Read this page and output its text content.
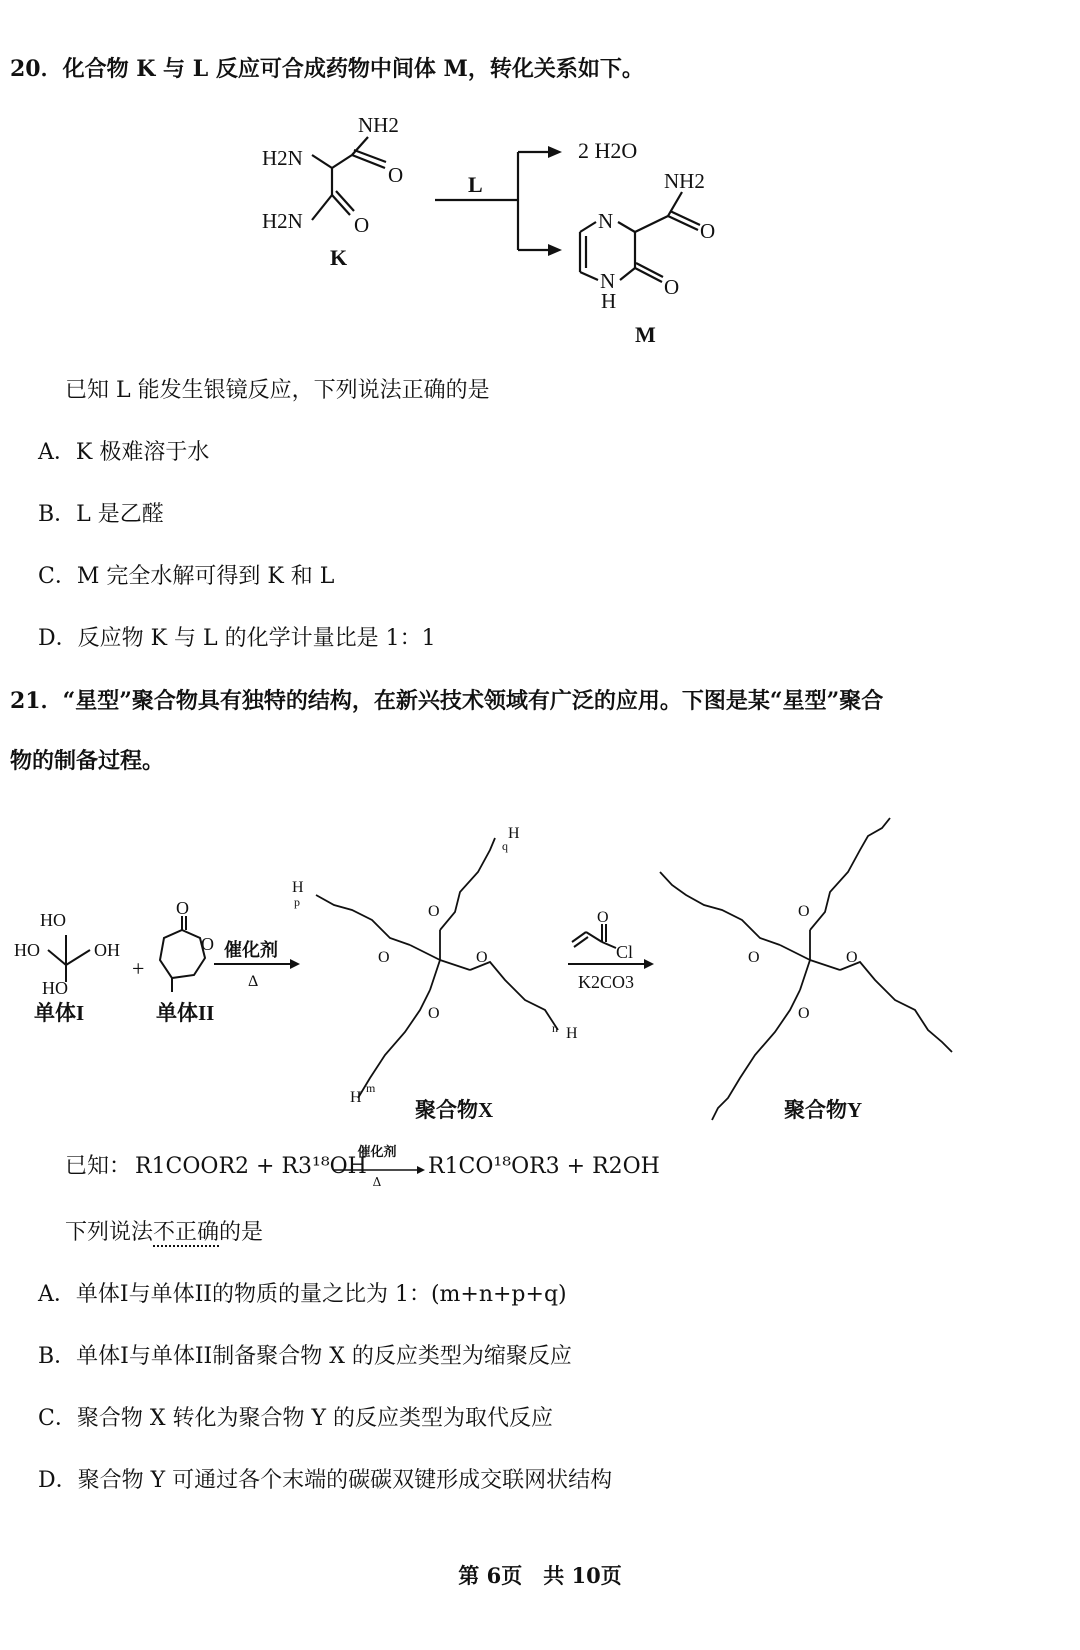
20．化合物 K 与 L 反应可合成药物中间体 M，转化关系如下。
NH2
H2N
O
H2N O
K
L
2 H2O
N
N
H
O
O
NH2
M
已知 L 能发生银镜反应，下列说法正确的是
A．K 极难溶于水
B．L 是乙醛
C．M 完全水解可得到 K 和 L
D．反应物 K 与 L 的化学计量比是 1：1
21．“星型”聚合物具有独特的结构，在新兴技术领域有广泛的应用。下图是某“星型”聚合
物的制备过程。
HO
HO	OH
HO
单体I
+
O
O
单体II
催化剂
Δ
H
q
H
p
H
n
H
m
O
O	O
O
聚合物X
O
Cl
K2CO3
O
O	O
O
聚合物Y
已知： R1COOR2 + R3¹⁸OH
催化剂
Δ
R1CO¹⁸OR3 + R2OH
下列说法不正确的是
A．单体I与单体II的物质的量之比为 1：(m+n+p+q)
B．单体I与单体II制备聚合物 X 的反应类型为缩聚反应
C．聚合物 X 转化为聚合物 Y 的反应类型为取代反应
D．聚合物 Y 可通过各个末端的碳碳双键形成交联网状结构
第 6页　共 10页
